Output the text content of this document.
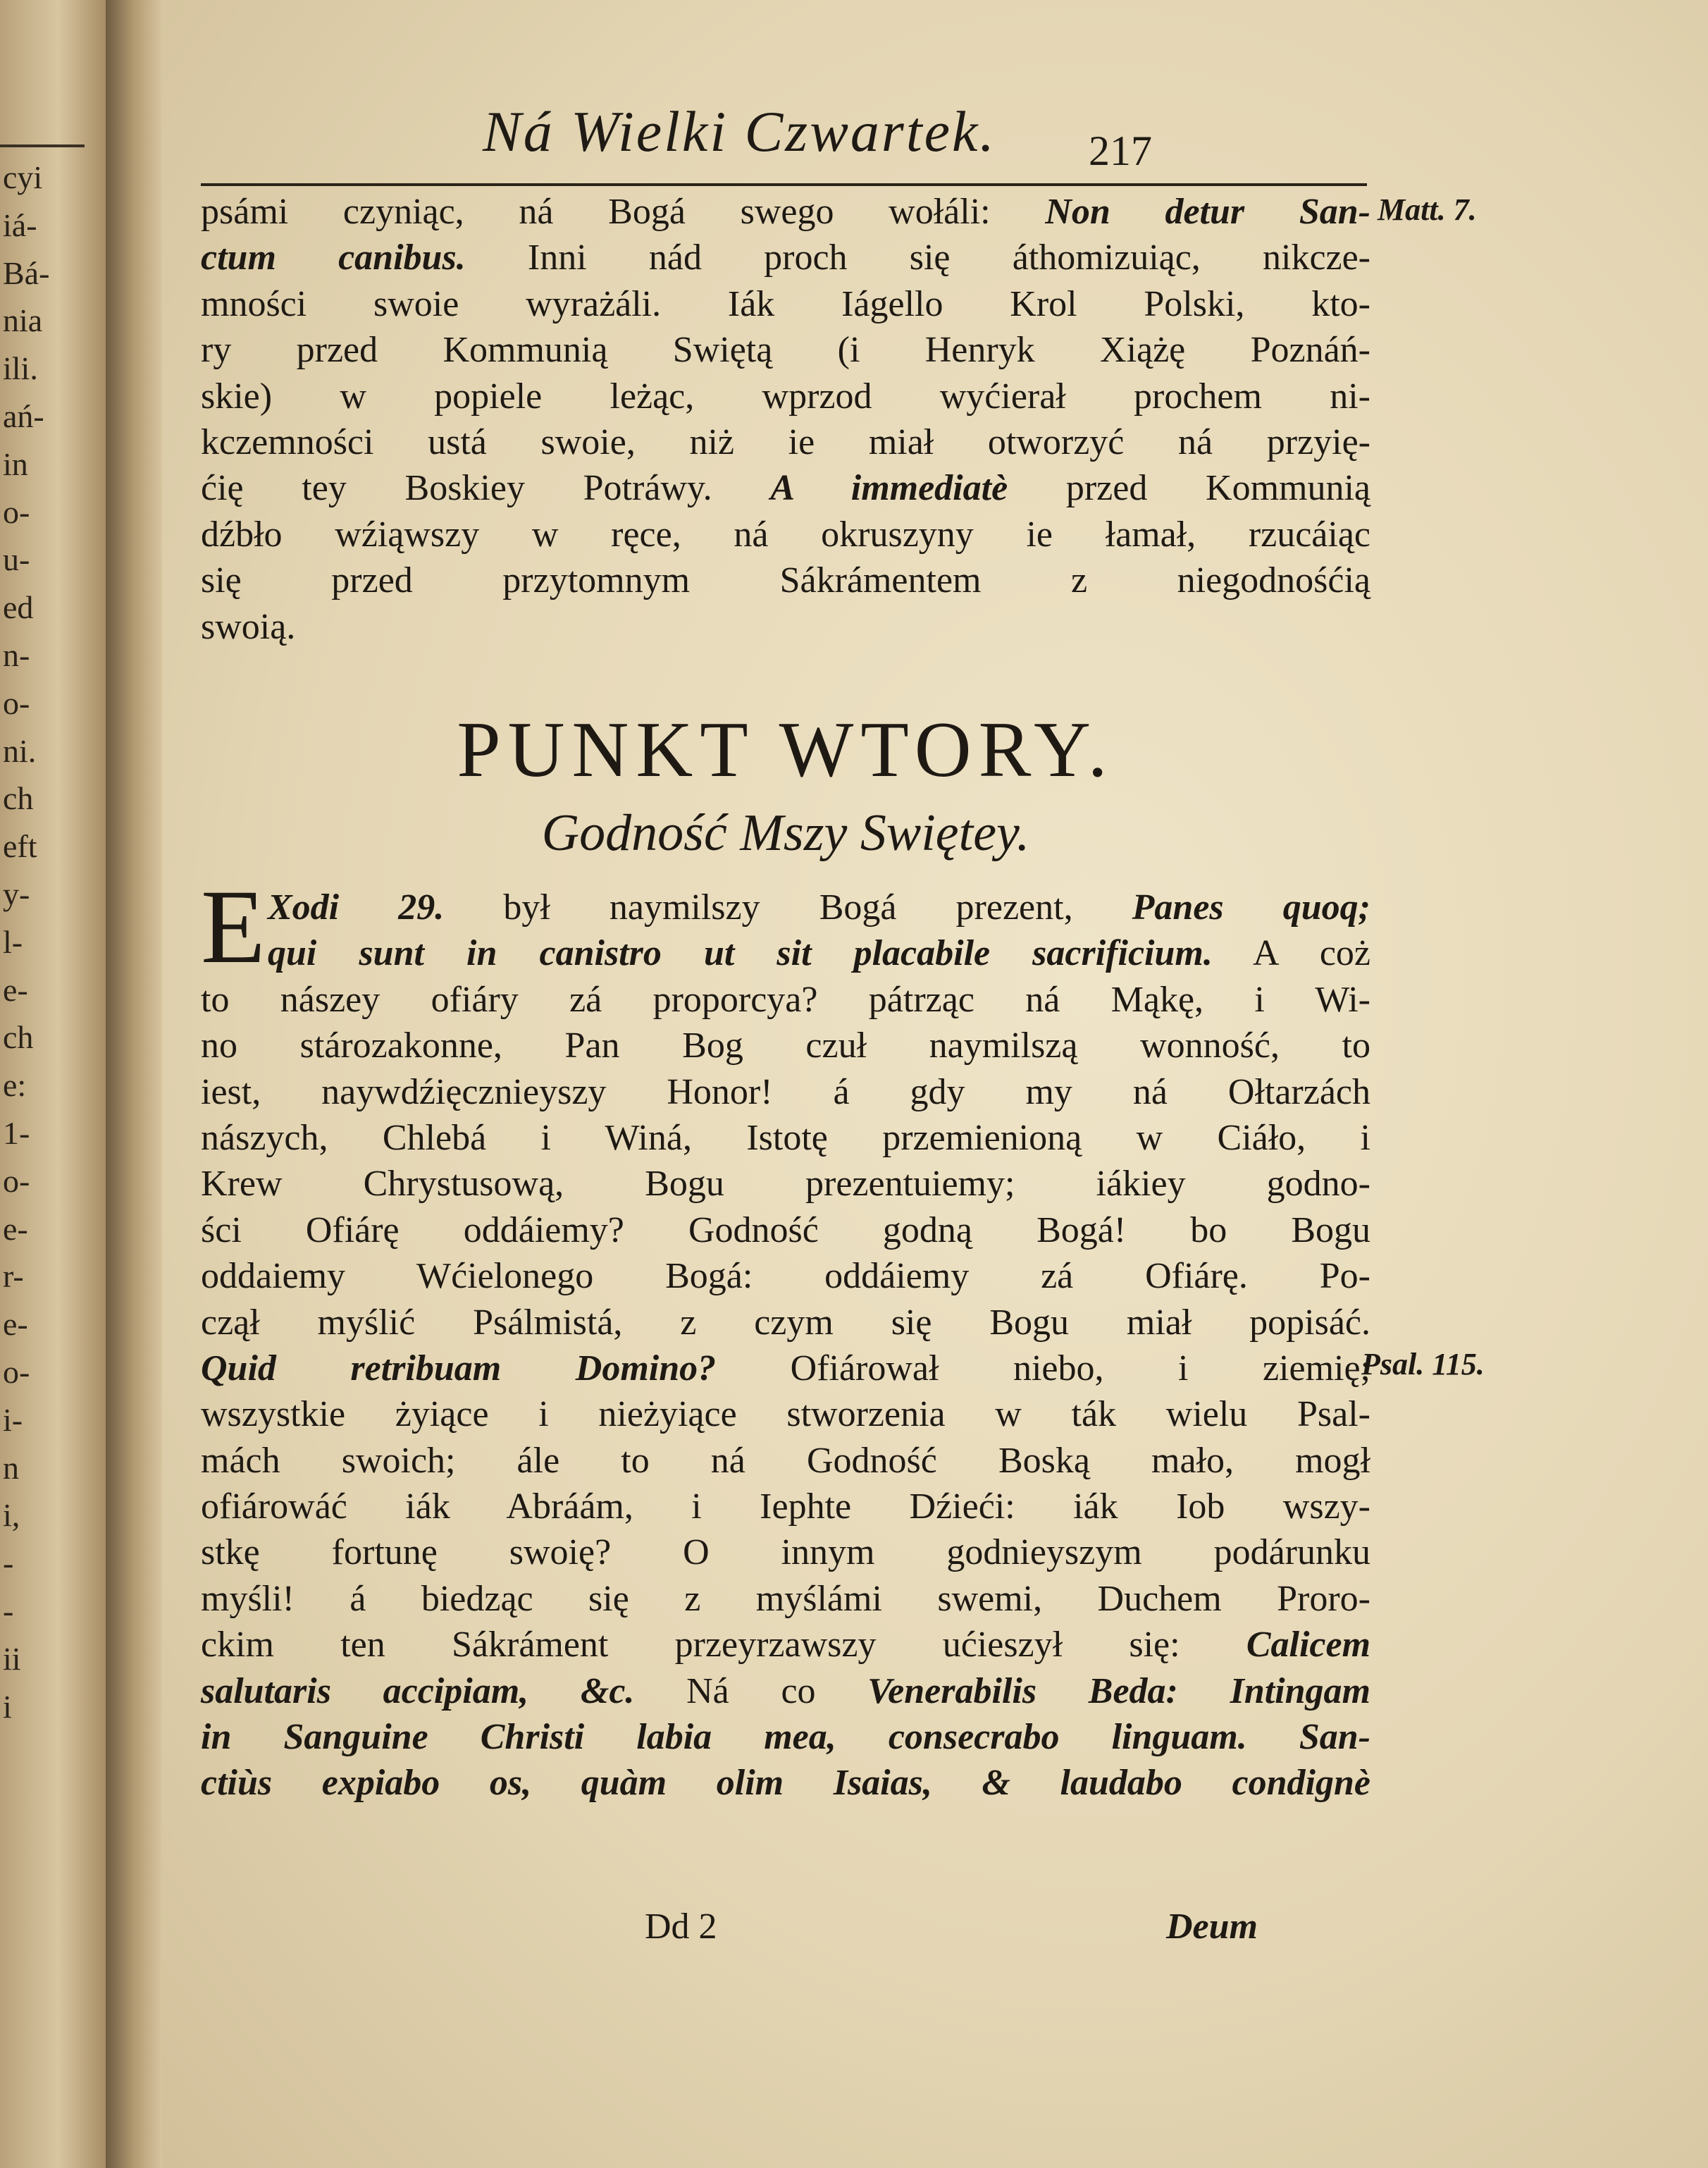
cyi
iá-
Bá-
nia
ili.
ań-
in
o-
u-
ed
n-
o-
ni.
ch
eft
y-
l-
e-
ch
e:
1-
o-
e-
r-
e-
o-
i-
n
i,
-
-
ii
i
Ná Wielki Czwartek. 217
Matt. 7.
Psal. 115.
psámi czyniąc, ná Bogá swego wołáli: Non detur San-
ctum canibus. Inni nád proch się áthomizuiąc, nikcze-
mności swoie wyrażáli. Iák Iágello Krol Polski, kto-
ry przed Kommunią Swiętą (i Henryk Xiążę Poznáń-
skie) w popiele leżąc, wprzod wyćierał prochem ni-
kczemności ustá swoie, niż ie miał otworzyć ná przyię-
ćię tey Boskiey Potráwy. A immediatè przed Kommunią
dźbło wźiąwszy w ręce, ná okruszyny ie łamał, rzucáiąc
się przed przytomnym Sákrámentem z niegodnośćią
swoią.
PUNKT WTORY.
Godność Mszy Swiętey.
E Xodi 29. był naymilszy Bogá prezent, Panes quoq;
qui sunt in canistro ut sit placabile sacrificium. A coż
to nászey ofiáry zá proporcya? pátrząc ná Mąkę, i Wi-
no stározakonne, Pan Bog czuł naymilszą wonność, to
iest, naywdźięcznieyszy Honor! á gdy my ná Ołtarzách
nászych, Chlebá i Winá, Istotę przemienioną w Ciáło, i
Krew Chrystusową, Bogu prezentuiemy; iákiey godno-
ści Ofiárę oddáiemy? Godność godną Bogá! bo Bogu
oddaiemy Wćielonego Bogá: oddáiemy zá Ofiárę. Po-
czął myślić Psálmistá, z czym się Bogu miał popisáć.
Quid retribuam Domino? Ofiárował niebo, i ziemię;
wszystkie żyiące i nieżyiące stworzenia w ták wielu Psal-
mách swoich; ále to ná Godność Boską mało, mogł
ofiárowáć iák Abráám, i Iephte Dźieći: iák Iob wszy-
stkę fortunę swoię? O innym godnieyszym podárunku
myśli! á biedząc się z myślámi swemi, Duchem Proro-
ckim ten Sákráment przeyrzawszy ućieszył się: Calicem
salutaris accipiam, &c. Ná co Venerabilis Beda: Intingam
in Sanguine Christi labia mea, consecrabo linguam. San-
ctiùs expiabo os, quàm olim Isaias, & laudabo condignè
Dd 2	Deum
